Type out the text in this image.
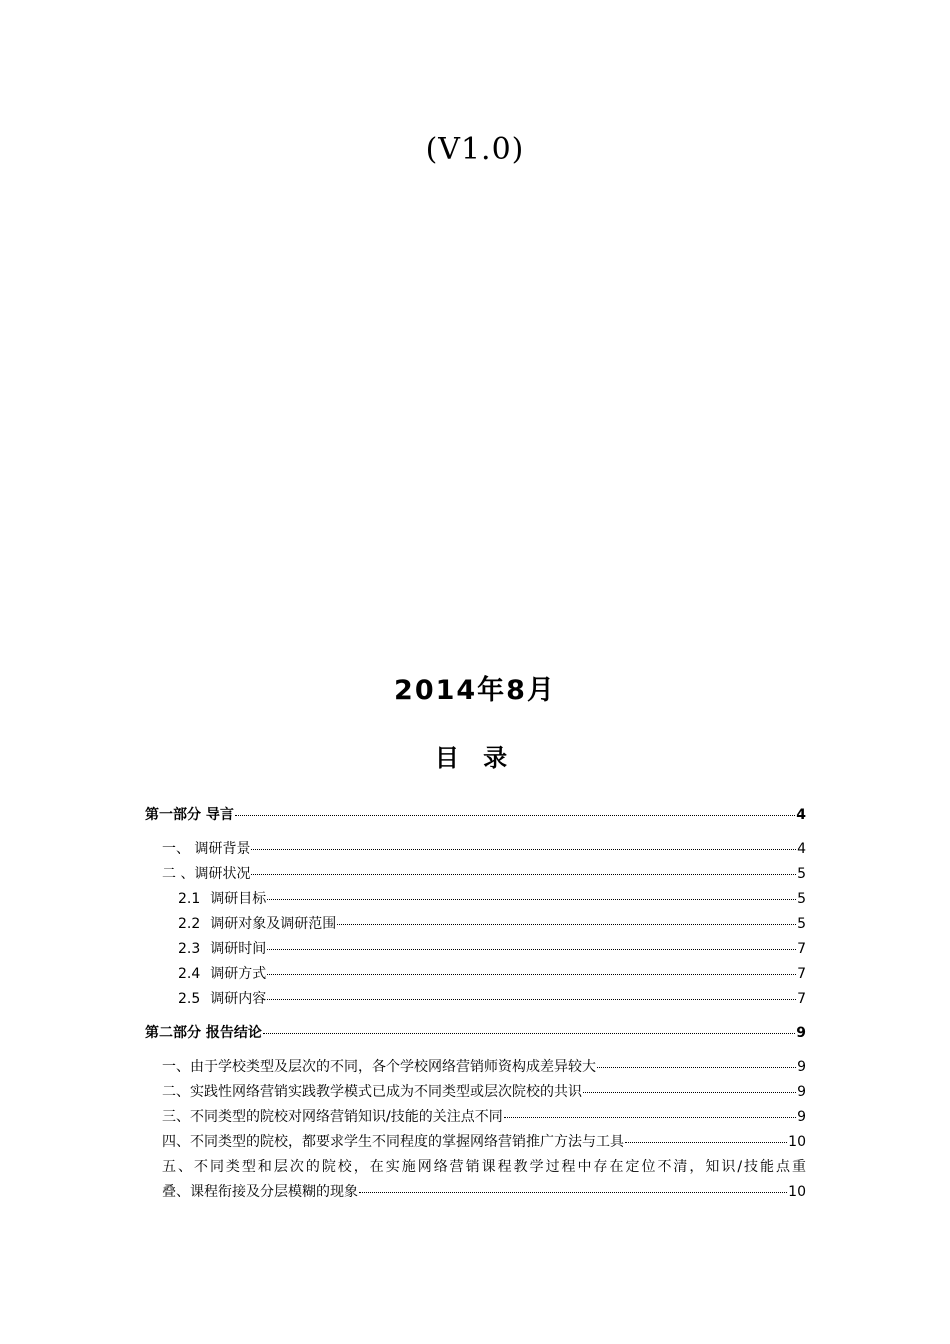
(V1.0)
2014年8月
目 录
第一部分 导言	4
一、 调研背景	4
二 、调研状况	5
2.1 调研目标	5
2.2 调研对象及调研范围	5
2.3 调研时间	7
2.4 调研方式	7
2.5 调研内容	7
第二部分 报告结论	9
一、由于学校类型及层次的不同，各个学校网络营销师资构成差异较大	9
二、实践性网络营销实践教学模式已成为不同类型或层次院校的共识	9
三、不同类型的院校对网络营销知识/技能的关注点不同	9
四、不同类型的院校，都要求学生不同程度的掌握网络营销推广方法与工具	10
五、不同类型和层次的院校，在实施网络营销课程教学过程中存在定位不清，知识/技能点重
叠、课程衔接及分层模糊的现象	10
